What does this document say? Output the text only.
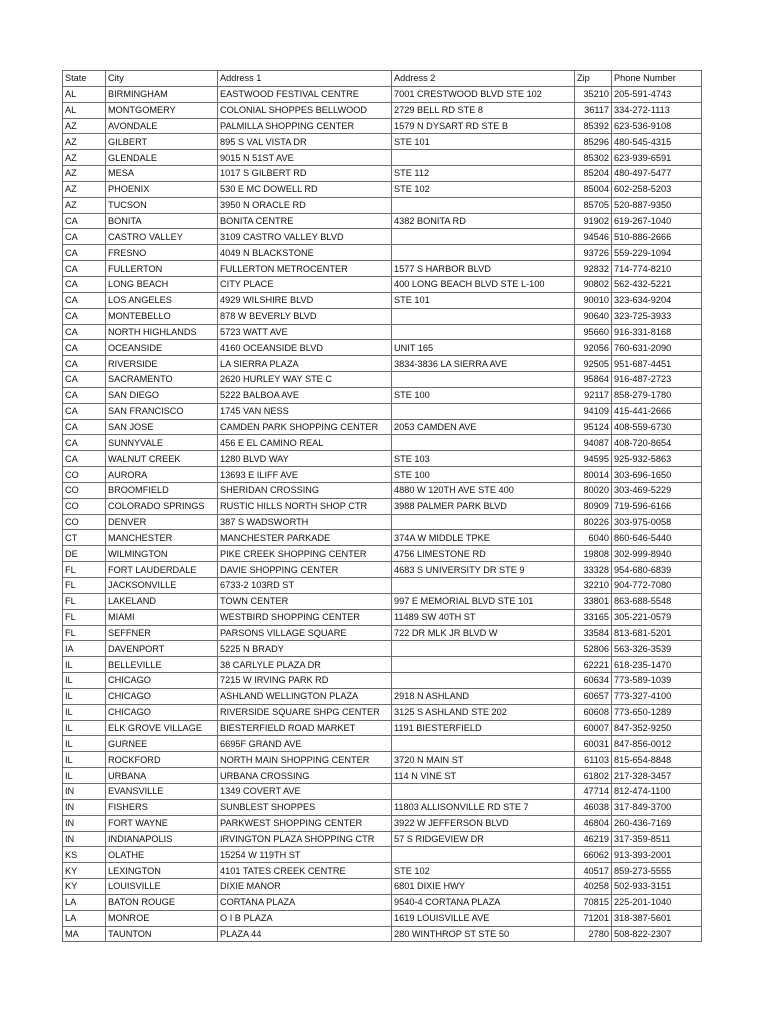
State	City	Address 1	Address 2	Zip	Phone Number
AL	BIRMINGHAM	EASTWOOD FESTIVAL CENTRE	7001 CRESTWOOD BLVD STE 102	35210	205-591-4743
AL	MONTGOMERY	COLONIAL SHOPPES BELLWOOD	2729 BELL RD STE 8	36117	334-272-1113
AZ	AVONDALE	PALMILLA SHOPPING CENTER	1579 N DYSART RD STE B	85392	623-536-9108
AZ	GILBERT	895 S VAL VISTA DR	STE 101	85296	480-545-4315
AZ	GLENDALE	9015 N 51ST AVE		85302	623-939-6591
AZ	MESA	1017 S GILBERT RD	STE 112	85204	480-497-5477
AZ	PHOENIX	530 E MC DOWELL RD	STE 102	85004	602-258-5203
AZ	TUCSON	3950 N ORACLE RD		85705	520-887-9350
CA	BONITA	BONITA CENTRE	4382 BONITA RD	91902	619-267-1040
CA	CASTRO VALLEY	3109 CASTRO VALLEY BLVD		94546	510-886-2666
CA	FRESNO	4049 N BLACKSTONE		93726	559-229-1094
CA	FULLERTON	FULLERTON METROCENTER	1577 S HARBOR BLVD	92832	714-774-8210
CA	LONG BEACH	CITY PLACE	400 LONG BEACH BLVD STE L-100	90802	562-432-5221
CA	LOS ANGELES	4929 WILSHIRE BLVD	STE 101	90010	323-634-9204
CA	MONTEBELLO	878 W BEVERLY BLVD		90640	323-725-3933
CA	NORTH HIGHLANDS	5723 WATT AVE		95660	916-331-8168
CA	OCEANSIDE	4160 OCEANSIDE BLVD	UNIT 165	92056	760-631-2090
CA	RIVERSIDE	LA SIERRA PLAZA	3834-3836 LA SIERRA AVE	92505	951-687-4451
CA	SACRAMENTO	2620 HURLEY WAY STE C		95864	916-487-2723
CA	SAN DIEGO	5222 BALBOA AVE	STE 100	92117	858-279-1780
CA	SAN FRANCISCO	1745 VAN NESS		94109	415-441-2666
CA	SAN JOSE	CAMDEN PARK SHOPPING CENTER	2053 CAMDEN AVE	95124	408-559-6730
CA	SUNNYVALE	456 E EL CAMINO REAL		94087	408-720-8654
CA	WALNUT CREEK	1280 BLVD WAY	STE 103	94595	925-932-5863
CO	AURORA	13693 E ILIFF AVE	STE 100	80014	303-696-1650
CO	BROOMFIELD	SHERIDAN CROSSING	4880 W 120TH AVE STE 400	80020	303-469-5229
CO	COLORADO SPRINGS	RUSTIC HILLS NORTH SHOP CTR	3988 PALMER PARK BLVD	80909	719-596-6166
CO	DENVER	387 S WADSWORTH		80226	303-975-0058
CT	MANCHESTER	MANCHESTER PARKADE	374A W MIDDLE TPKE	6040	860-646-5440
DE	WILMINGTON	PIKE CREEK SHOPPING CENTER	4756 LIMESTONE RD	19808	302-999-8940
FL	FORT LAUDERDALE	DAVIE SHOPPING CENTER	4683 S UNIVERSITY DR STE 9	33328	954-680-6839
FL	JACKSONVILLE	6733-2 103RD ST		32210	904-772-7080
FL	LAKELAND	TOWN CENTER	997 E MEMORIAL BLVD STE 101	33801	863-688-5548
FL	MIAMI	WESTBIRD SHOPPING CENTER	11489 SW 40TH ST	33165	305-221-0579
FL	SEFFNER	PARSONS VILLAGE SQUARE	722 DR MLK JR BLVD W	33584	813-681-5201
IA	DAVENPORT	5225 N BRADY		52806	563-326-3539
IL	BELLEVILLE	38 CARLYLE PLAZA DR		62221	618-235-1470
IL	CHICAGO	7215 W IRVING PARK RD		60634	773-589-1039
IL	CHICAGO	ASHLAND WELLINGTON PLAZA	2918 N ASHLAND	60657	773-327-4100
IL	CHICAGO	RIVERSIDE SQUARE SHPG CENTER	3125 S ASHLAND STE 202	60608	773-650-1289
IL	ELK GROVE VILLAGE	BIESTERFIELD ROAD MARKET	1191 BIESTERFIELD	60007	847-352-9250
IL	GURNEE	6695F GRAND AVE		60031	847-856-0012
IL	ROCKFORD	NORTH MAIN SHOPPING CENTER	3720 N MAIN ST	61103	815-654-8848
IL	URBANA	URBANA CROSSING	114 N VINE ST	61802	217-328-3457
IN	EVANSVILLE	1349 COVERT AVE		47714	812-474-1100
IN	FISHERS	SUNBLEST SHOPPES	11803 ALLISONVILLE RD STE 7	46038	317-849-3700
IN	FORT WAYNE	PARKWEST SHOPPING CENTER	3922 W JEFFERSON BLVD	46804	260-436-7169
IN	INDIANAPOLIS	IRVINGTON PLAZA SHOPPING CTR	57 S RIDGEVIEW DR	46219	317-359-8511
KS	OLATHE	15254 W 119TH ST		66062	913-393-2001
KY	LEXINGTON	4101 TATES CREEK CENTRE	STE 102	40517	859-273-5555
KY	LOUISVILLE	DIXIE MANOR	6801 DIXIE HWY	40258	502-933-3151
LA	BATON ROUGE	CORTANA PLAZA	9540-4 CORTANA PLAZA	70815	225-201-1040
LA	MONROE	O I B PLAZA	1619 LOUISVILLE AVE	71201	318-387-5601
MA	TAUNTON	PLAZA 44	280 WINTHROP ST STE 50	2780	508-822-2307
